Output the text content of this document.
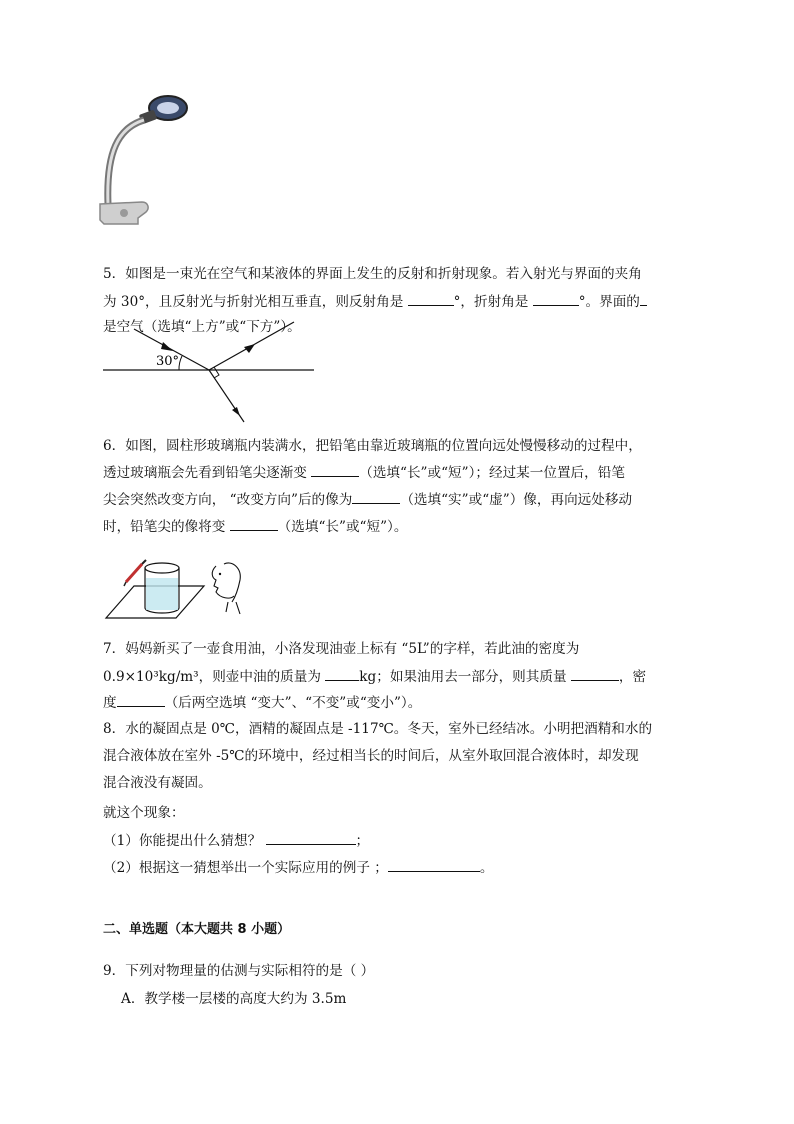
5．如图是一束光在空气和某液体的界面上发生的反射和折射现象。若入射光与界面的夹角
为 30°，且反射光与折射光相互垂直，则反射角是	°，折射角是	°。界面的
是空气（选填“上方”或“下方”）。
30°
6．如图，圆柱形玻璃瓶内装满水，把铅笔由靠近玻璃瓶的位置向远处慢慢移动的过程中，
透过玻璃瓶会先看到铅笔尖逐渐变	（选填“长”或“短”）；经过某一位置后，铅笔
尖会突然改变方向， “改变方向”后的像为	（选填“实”或“虚”）像，再向远处移动
时，铅笔尖的像将变	（选填“长”或“短”）。
7．妈妈新买了一壶食用油，小洛发现油壶上标有 “5L”的字样，若此油的密度为
0.9×10³kg/m³，则壶中油的质量为	kg；如果油用去一部分，则其质量	，密
度	（后两空选填 “变大”、“不变”或“变小”）。
8．水的凝固点是 0℃，酒精的凝固点是 -117℃。冬天，室外已经结冰。小明把酒精和水的
混合液体放在室外 -5℃的环境中，经过相当长的时间后，从室外取回混合液体时，却发现
混合液没有凝固。
就这个现象：
（1）你能提出什么猜想？	；
（2）根据这一猜想举出一个实际应用的例子 ；	。
二、单选题（本大题共 8 小题）
9．下列对物理量的估测与实际相符的是（ ）
A．教学楼一层楼的高度大约为 3.5m
